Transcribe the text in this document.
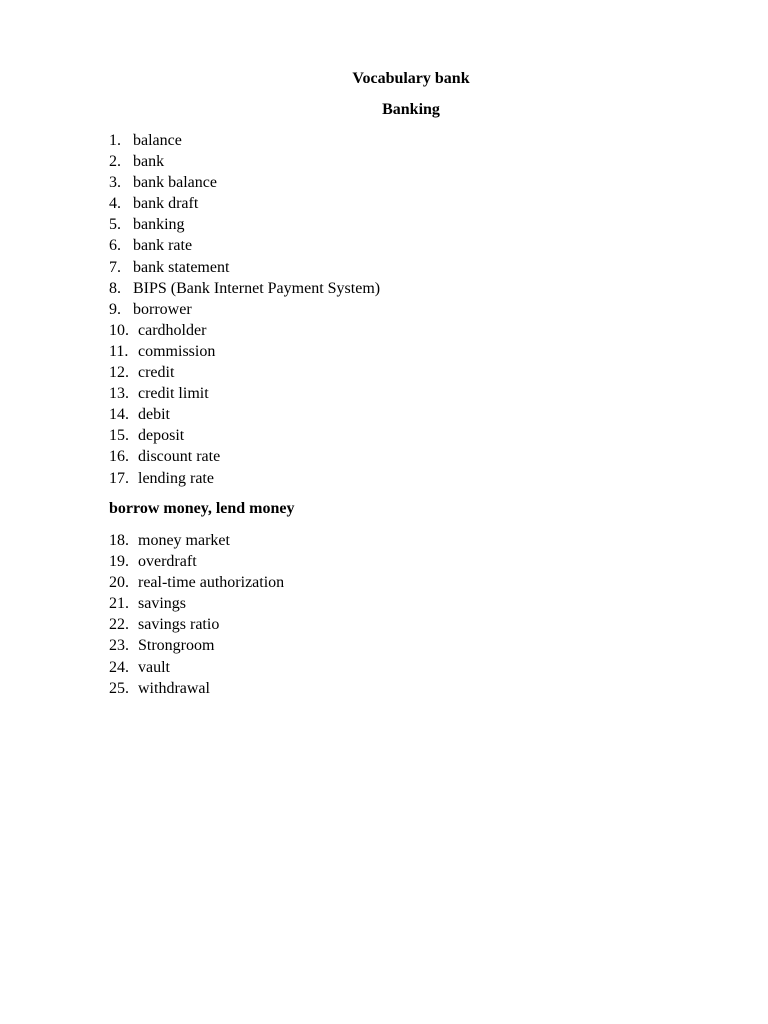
Vocabulary bank
Banking
1. balance
2. bank
3. bank balance
4. bank draft
5. banking
6. bank rate
7. bank statement
8. BIPS (Bank Internet Payment System)
9. borrower
10. cardholder
11. commission
12. credit
13. credit limit
14. debit
15. deposit
16. discount rate
17. lending rate
borrow money, lend money
18. money market
19. overdraft
20. real-time authorization
21. savings
22. savings ratio
23. Strongroom
24. vault
25. withdrawal
